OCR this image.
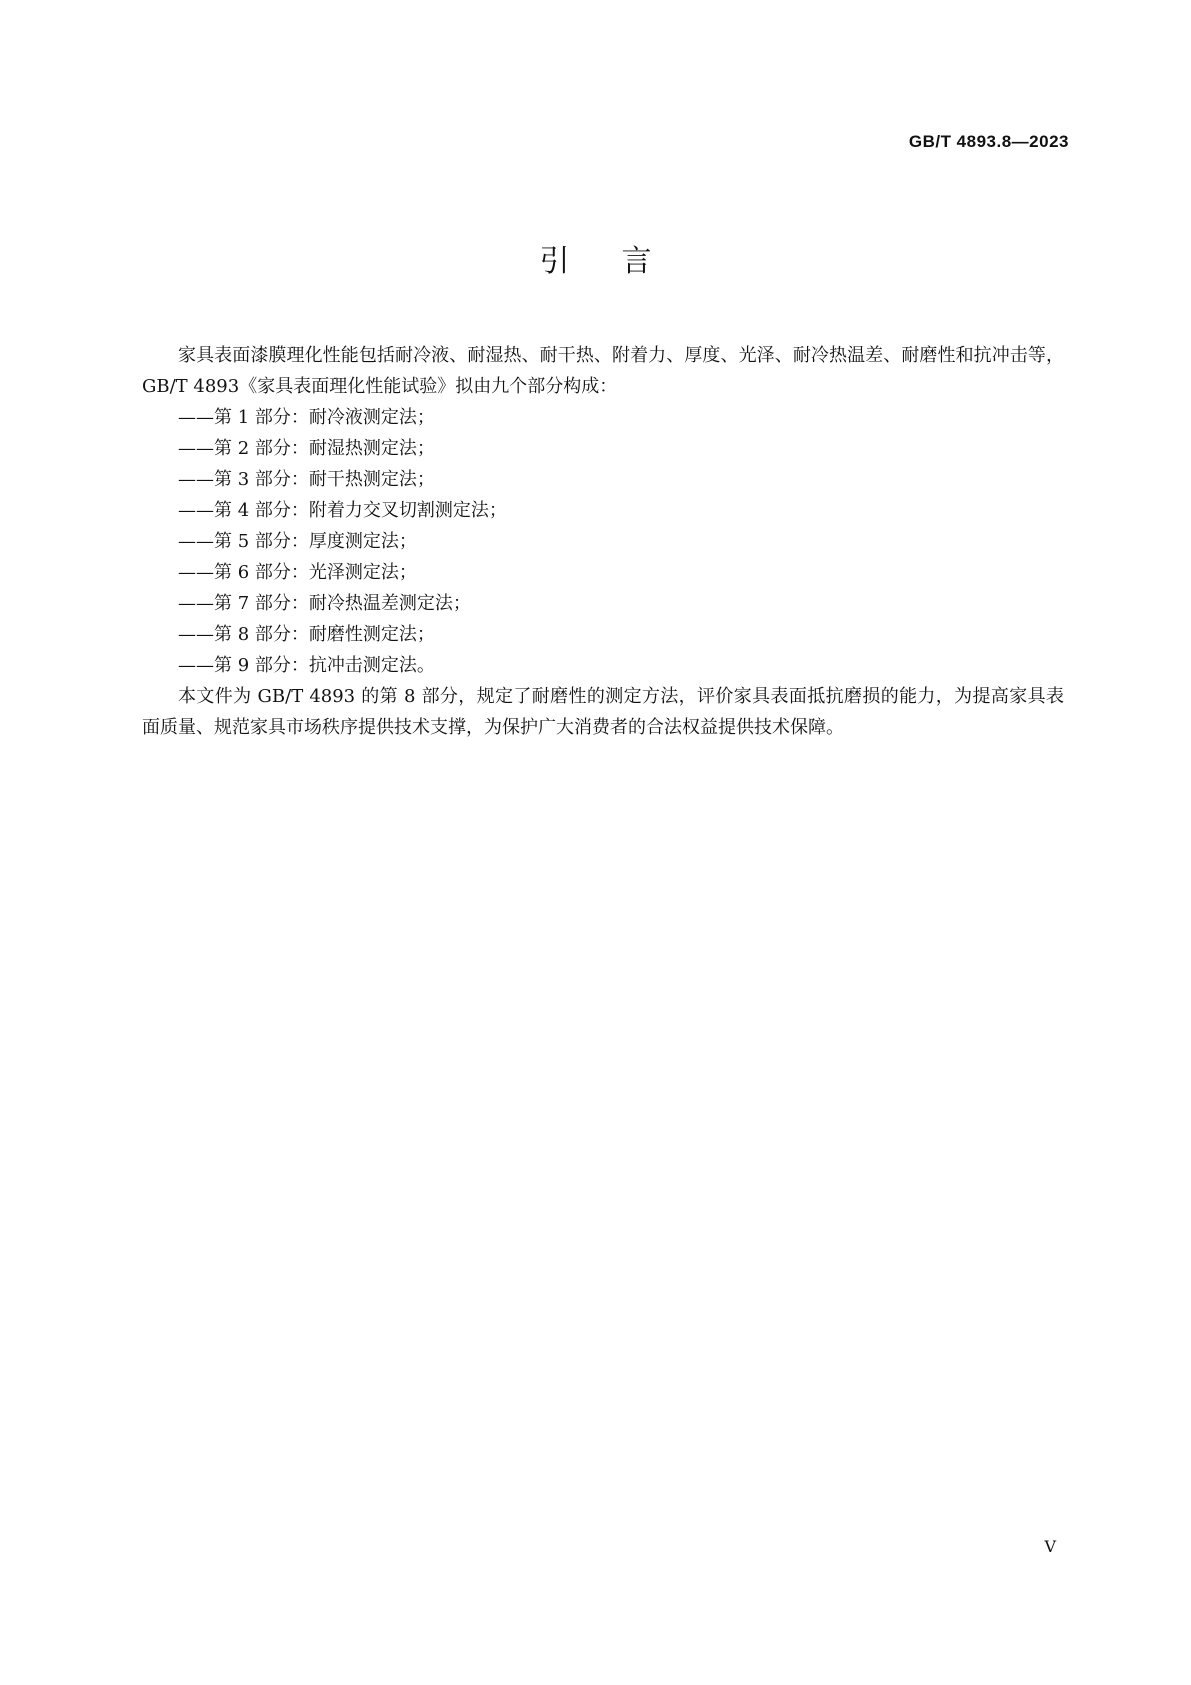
GB/T 4893.8—2023
引言

家具表面漆膜理化性能包括耐冷液、耐湿热、耐干热、附着力、厚度、光泽、耐冷热温差、耐磨性和抗冲击等，GB/T 4893《家具表面理化性能试验》拟由九个部分构成：

——第 1 部分：耐冷液测定法；
——第 2 部分：耐湿热测定法；
——第 3 部分：耐干热测定法；
——第 4 部分：附着力交叉切割测定法；
——第 5 部分：厚度测定法；
——第 6 部分：光泽测定法；
——第 7 部分：耐冷热温差测定法；
——第 8 部分：耐磨性测定法；
——第 9 部分：抗冲击测定法。

本文件为 GB/T 4893 的第 8 部分，规定了耐磨性的测定方法，评价家具表面抵抗磨损的能力，为提高家具表面质量、规范家具市场秩序提供技术支撑，为保护广大消费者的合法权益提供技术保障。

V
